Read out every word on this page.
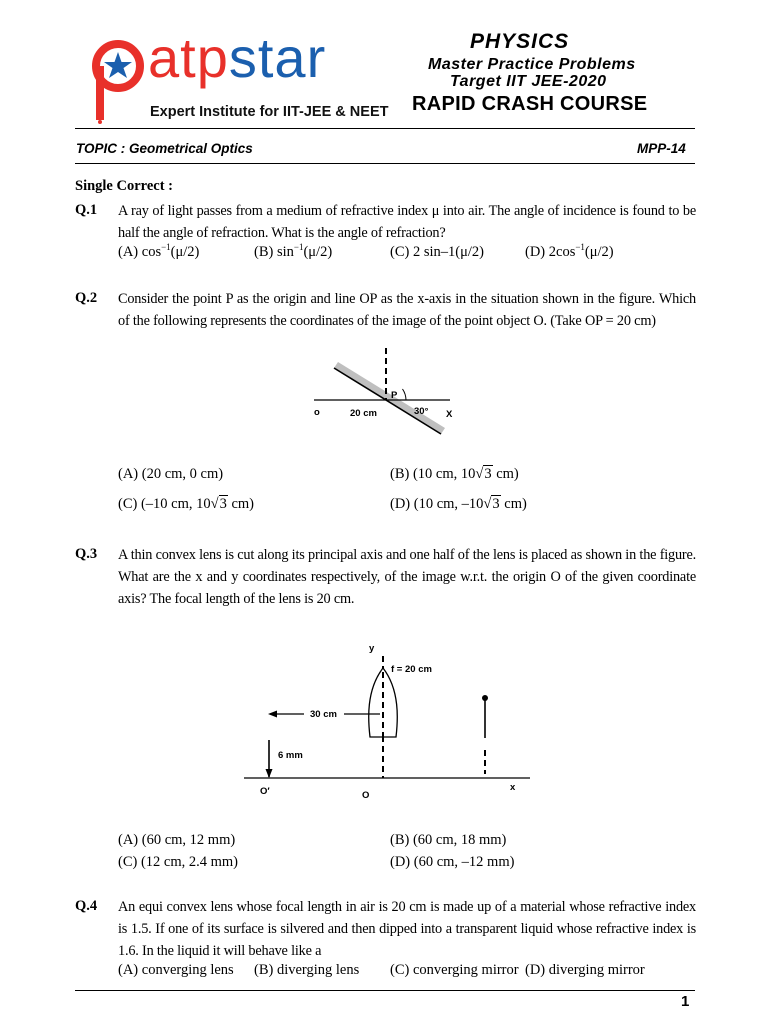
atpstar
Expert Institute for IIT-JEE & NEET
PHYSICS
Master Practice Problems
Target IIT JEE-2020
RAPID CRASH COURSE
TOPIC : Geometrical Optics	MPP-14
Single Correct :
Q.1 A ray of light passes from a medium of refractive index μ into air. The angle of incidence is found to be half the angle of refraction. What is the angle of refraction?
(A) $\cos^{-1}(\mu/2)$	(B) $\sin^{-1}(\mu/2)$	(C) 2 sin–1(μ/2)	(D) $2\cos^{-1}(\mu/2)$
Q.2 Consider the point P as the origin and line OP as the x-axis in the situation shown in the figure. Which of the following represents the coordinates of the image of the point object O. (Take OP = 20 cm)
o	20 cm
P
30° X
(A) (20 cm, 0 cm)	(B) (10 cm, 10√3 cm)
(C) (–10 cm, 10√3 cm)	(D) (10 cm, –10√3 cm)
Q.3 A thin convex lens is cut along its principal axis and one half of the lens is placed as shown in the figure. What are the x and y coordinates respectively, of the image w.r.t. the origin O of the given coordinate axis? The focal length of the lens is 20 cm.
y
f = 20 cm
30 cm
6 mm
O′	O
x
(A) (60 cm, 12 mm)	(B) (60 cm, 18 mm)
(C) (12 cm, 2.4 mm)	(D) (60 cm, –12 mm)
Q.4 An equi convex lens whose focal length in air is 20 cm is made up of a material whose refractive index is 1.5. If one of its surface is silvered and then dipped into a transparent liquid whose refractive index is 1.6. In the liquid it will behave like a
(A) converging lens (B) diverging lens (C) converging mirror (D) diverging mirror
1
